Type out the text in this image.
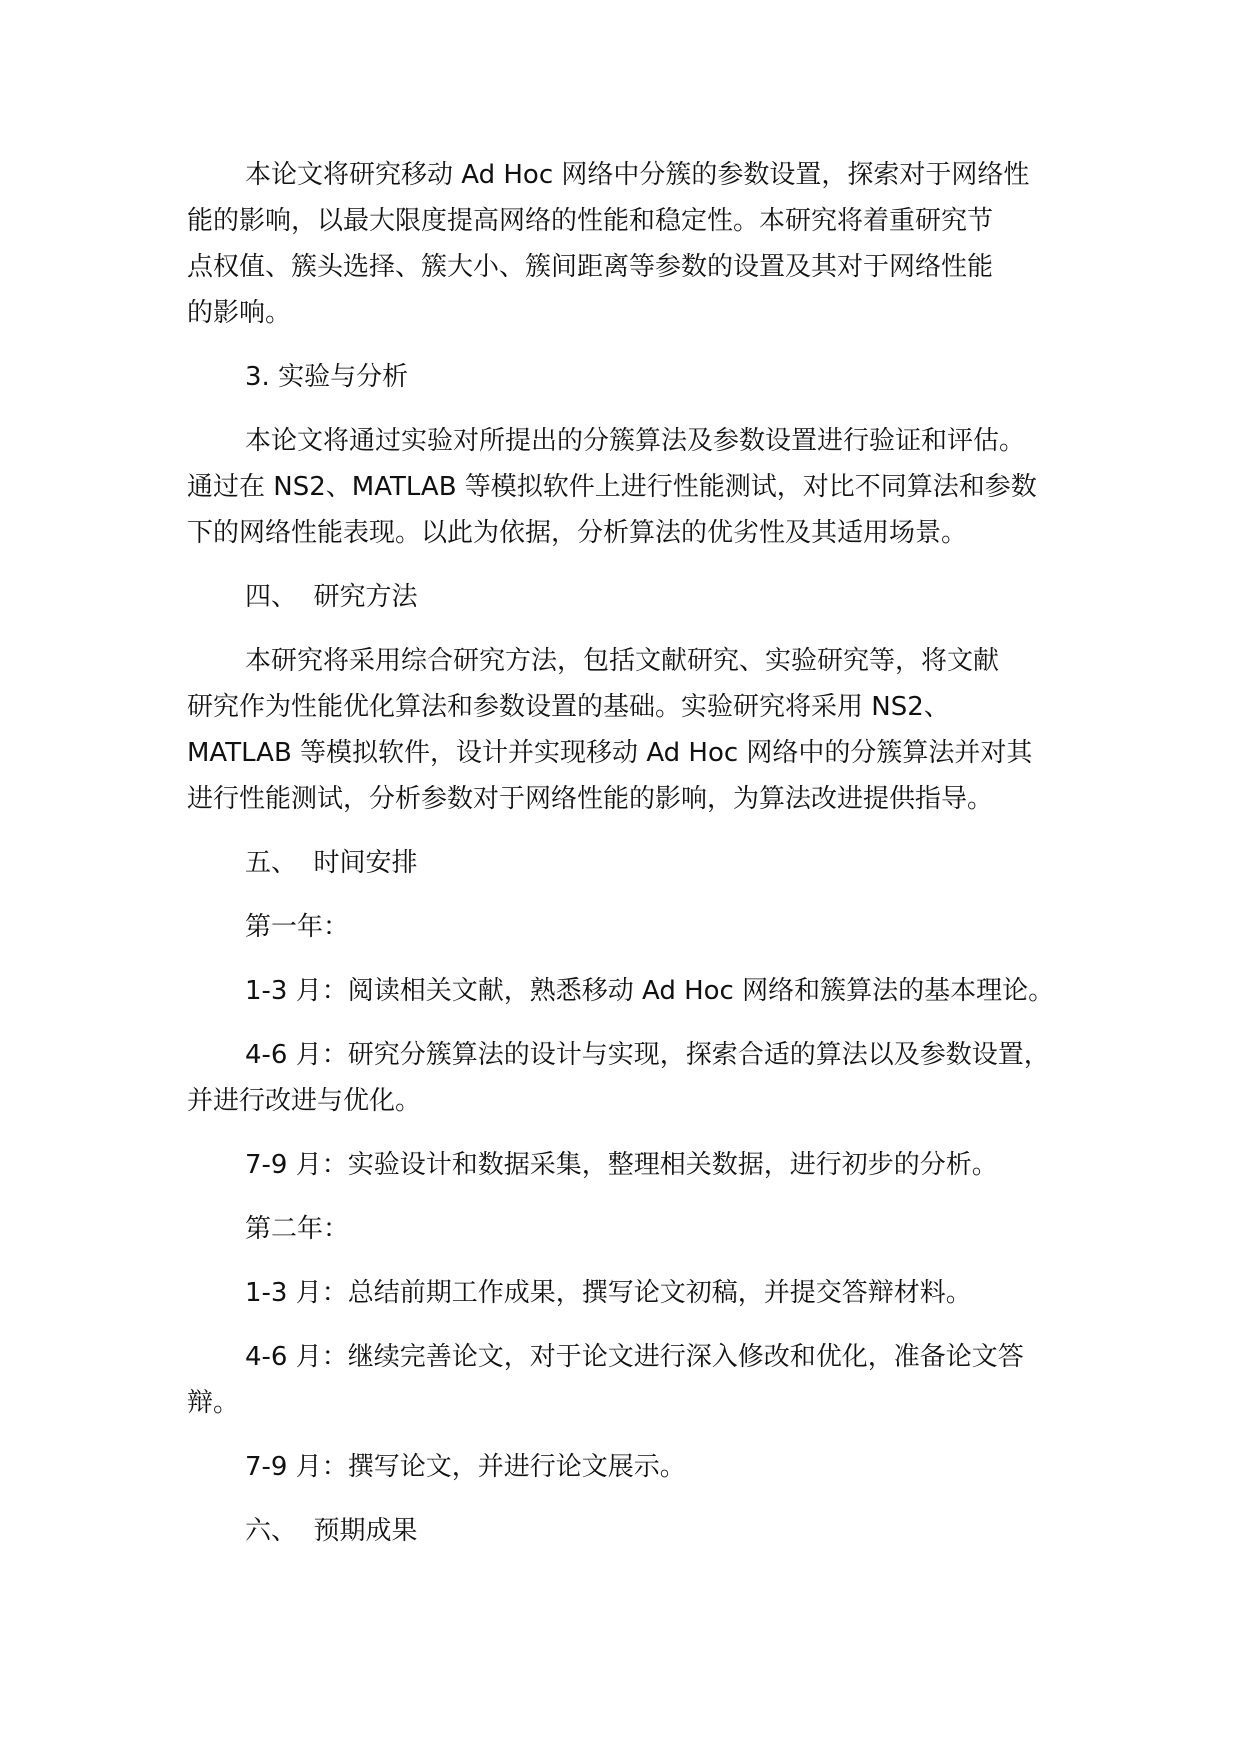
本论文将研究移动 Ad Hoc 网络中分簇的参数设置，探索对于网络性
能的影响，以最大限度提高网络的性能和稳定性。本研究将着重研究节
点权值、簇头选择、簇大小、簇间距离等参数的设置及其对于网络性能
的影响。
3. 实验与分析
本论文将通过实验对所提出的分簇算法及参数设置进行验证和评估。
通过在 NS2、MATLAB 等模拟软件上进行性能测试，对比不同算法和参数
下的网络性能表现。以此为依据，分析算法的优劣性及其适用场景。
四、  研究方法
本研究将采用综合研究方法，包括文献研究、实验研究等，将文献
研究作为性能优化算法和参数设置的基础。实验研究将采用 NS2、
MATLAB 等模拟软件，设计并实现移动 Ad Hoc 网络中的分簇算法并对其
进行性能测试，分析参数对于网络性能的影响，为算法改进提供指导。
五、  时间安排
第一年：
1-3 月：阅读相关文献，熟悉移动 Ad Hoc 网络和簇算法的基本理论。
4-6 月：研究分簇算法的设计与实现，探索合适的算法以及参数设置，
并进行改进与优化。
7-9 月：实验设计和数据采集，整理相关数据，进行初步的分析。
第二年：
1-3 月：总结前期工作成果，撰写论文初稿，并提交答辩材料。
4-6 月：继续完善论文，对于论文进行深入修改和优化，准备论文答
辩。
7-9 月：撰写论文，并进行论文展示。
六、  预期成果
